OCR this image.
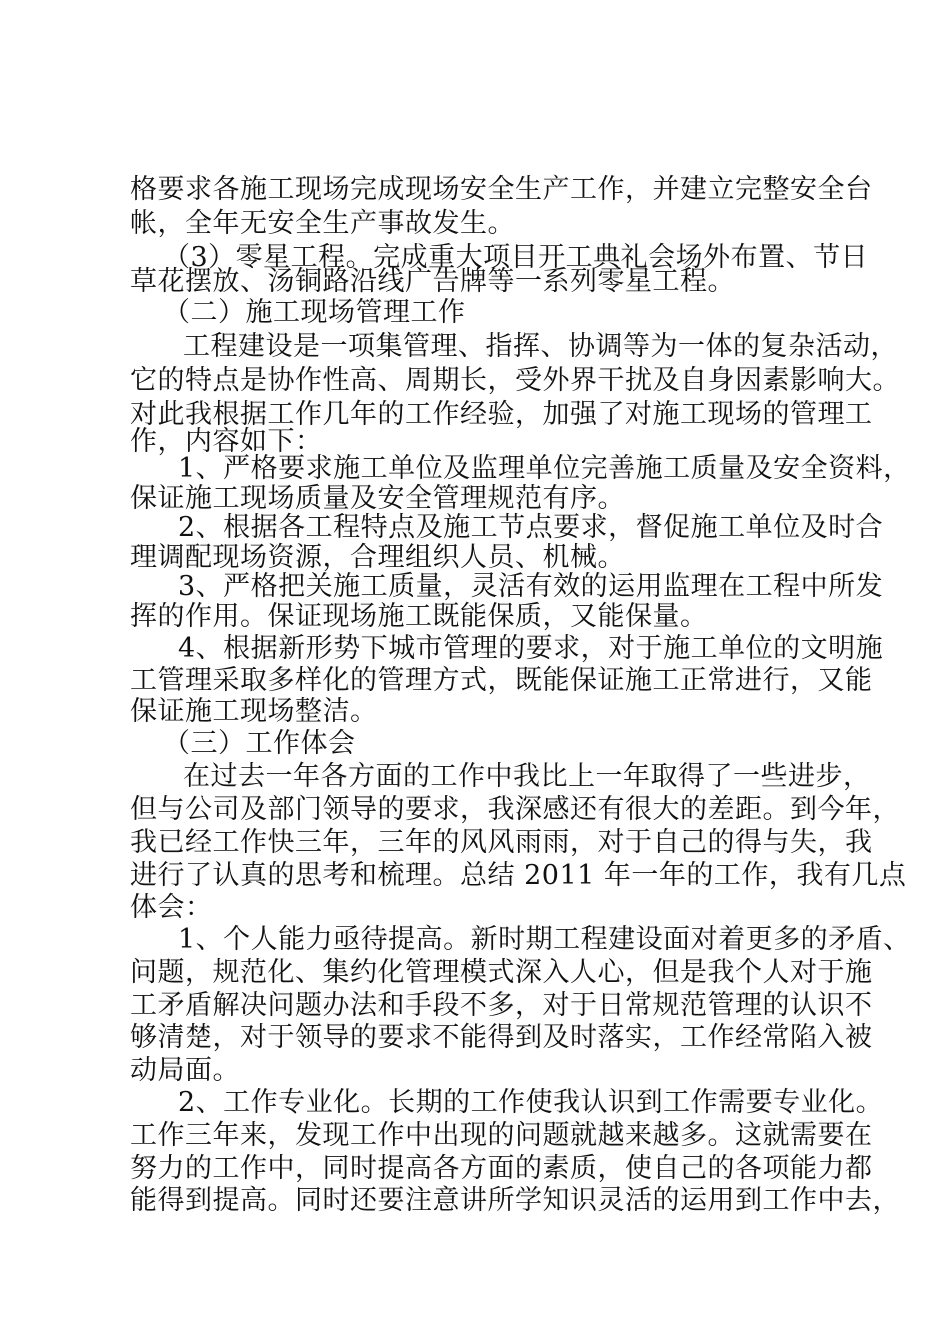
格要求各施工现场完成现场安全生产工作，并建立完整安全台
帐，全年无安全生产事故发生。
（3）零星工程。完成重大项目开工典礼会场外布置、节日
草花摆放、汤铜路沿线广告牌等一系列零星工程。
（二）施工现场管理工作
工程建设是一项集管理、指挥、协调等为一体的复杂活动，
它的特点是协作性高、周期长，受外界干扰及自身因素影响大。
对此我根据工作几年的工作经验，加强了对施工现场的管理工
作，内容如下：
1、严格要求施工单位及监理单位完善施工质量及安全资料，
保证施工现场质量及安全管理规范有序。
2、根据各工程特点及施工节点要求，督促施工单位及时合
理调配现场资源，合理组织人员、机械。
3、严格把关施工质量，灵活有效的运用监理在工程中所发
挥的作用。保证现场施工既能保质，又能保量。
4、根据新形势下城市管理的要求，对于施工单位的文明施
工管理采取多样化的管理方式，既能保证施工正常进行，又能
保证施工现场整洁。
（三）工作体会
在过去一年各方面的工作中我比上一年取得了一些进步，
但与公司及部门领导的要求，我深感还有很大的差距。到今年，
我已经工作快三年，三年的风风雨雨，对于自己的得与失，我
进行了认真的思考和梳理。总结 2011 年一年的工作，我有几点
体会：
1、个人能力亟待提高。新时期工程建设面对着更多的矛盾、
问题，规范化、集约化管理模式深入人心，但是我个人对于施
工矛盾解决问题办法和手段不多，对于日常规范管理的认识不
够清楚，对于领导的要求不能得到及时落实，工作经常陷入被
动局面。
2、工作专业化。长期的工作使我认识到工作需要专业化。
工作三年来，发现工作中出现的问题就越来越多。这就需要在
努力的工作中，同时提高各方面的素质，使自己的各项能力都
能得到提高。同时还要注意讲所学知识灵活的运用到工作中去，
